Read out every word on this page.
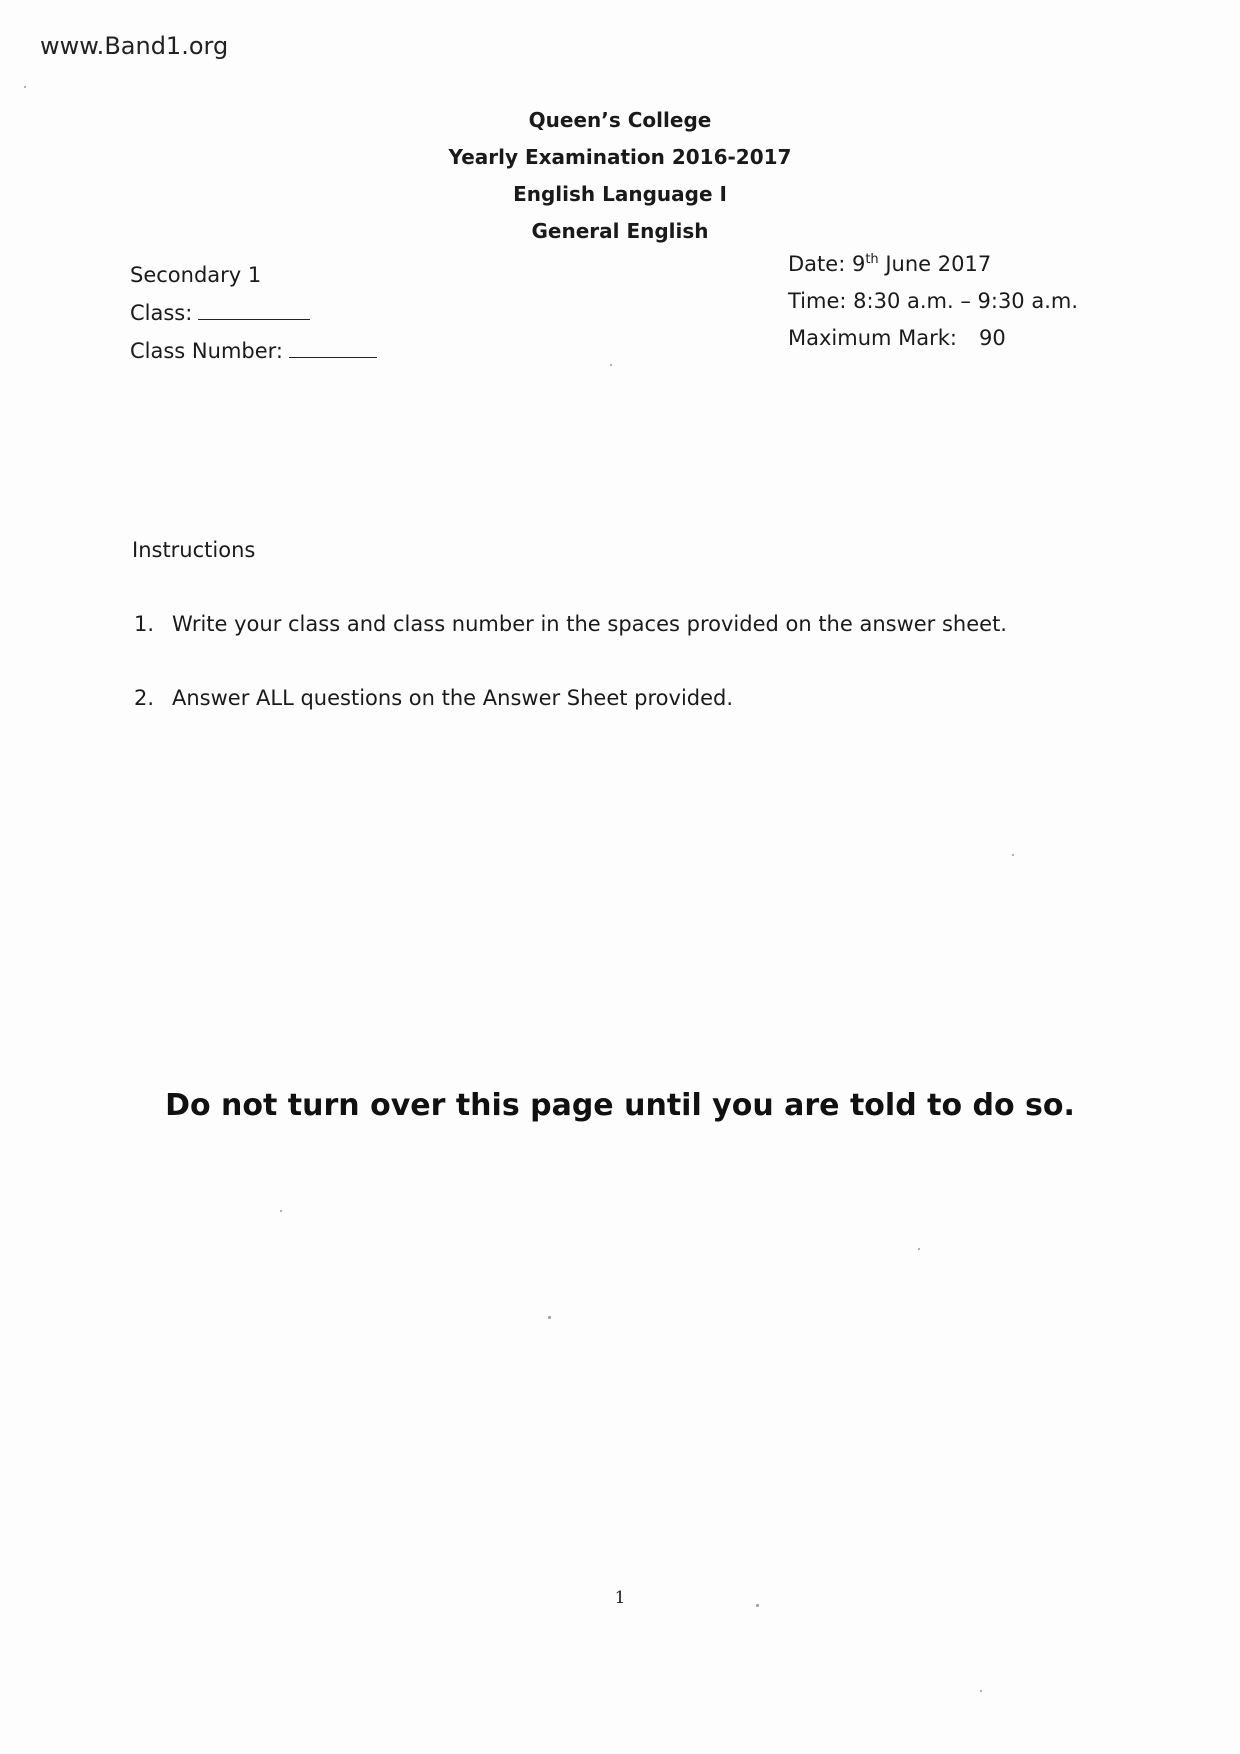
www.Band1.org
Queen’s College
Yearly Examination 2016-2017
English Language I
General English
Secondary 1
Class:
Class Number:
Date: 9th June 2017
Time: 8:30 a.m. – 9:30 a.m.
Maximum Mark: 90
Instructions
1. Write your class and class number in the spaces provided on the answer sheet.
2. Answer ALL questions on the Answer Sheet provided.
Do not turn over this page until you are told to do so.
1
